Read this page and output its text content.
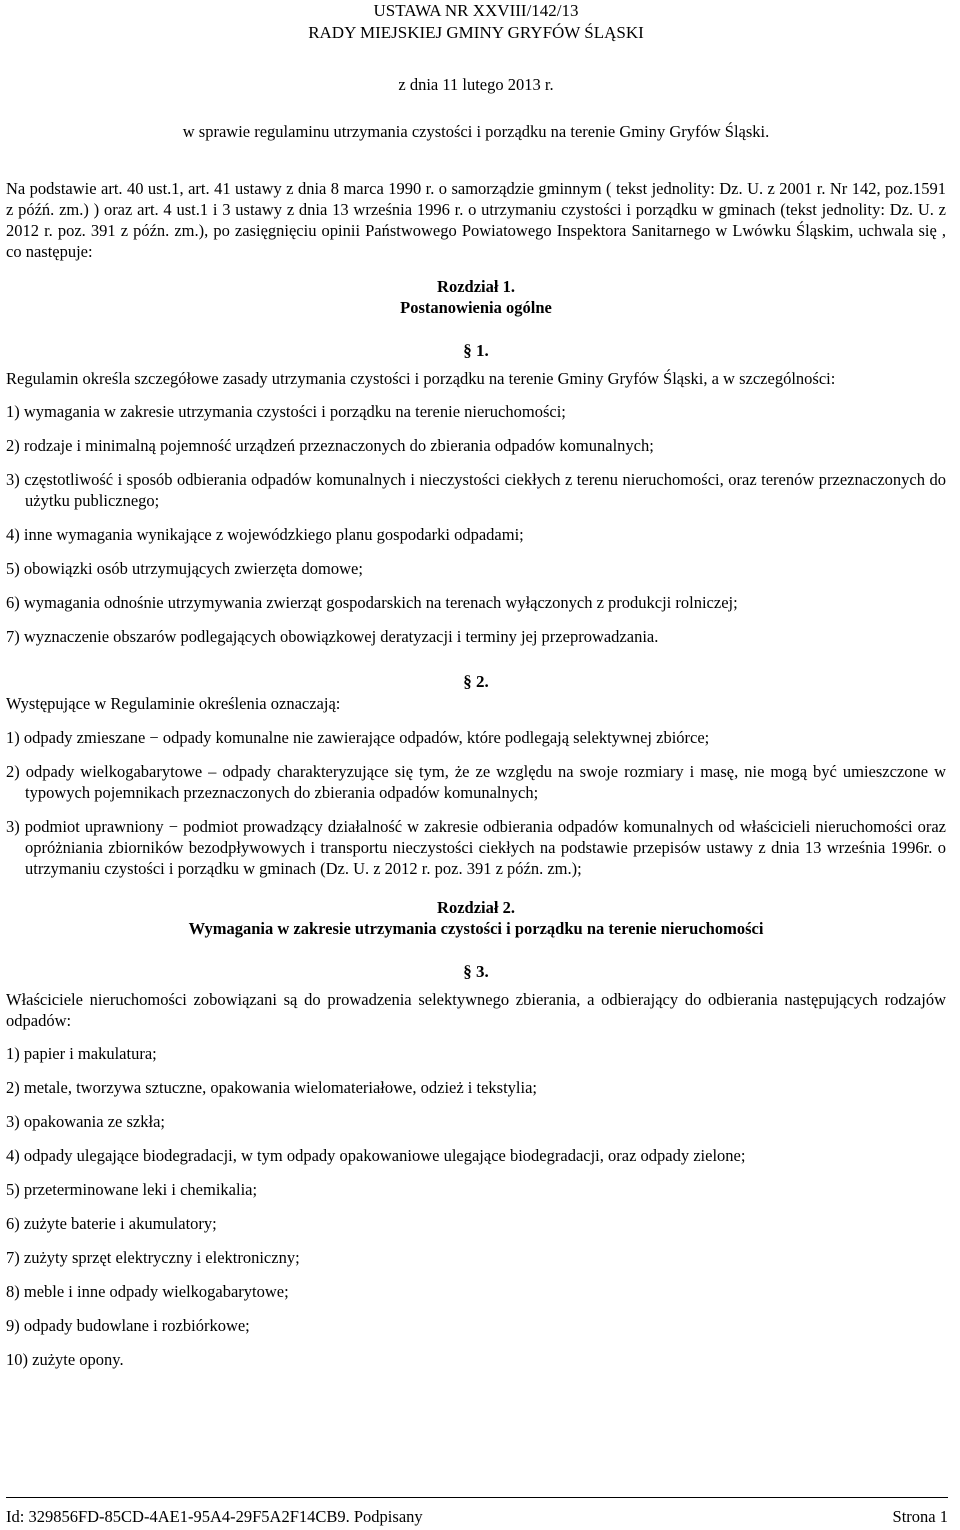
USTAWA NR XXVIII/142/13

RADY MIEJSKIEJ GMINY GRYFÓW ŚLĄSKI

z dnia 11 lutego 2013 r.

w sprawie regulaminu utrzymania czystości i porządku na terenie Gminy Gryfów Śląski.

Na podstawie art. 40 ust.1, art. 41 ustawy z dnia 8 marca 1990 r. o samorządzie gminnym ( tekst jednolity: Dz. U. z 2001 r. Nr 142, poz.1591 z późń. zm.) ) oraz art. 4 ust.1 i 3 ustawy z dnia 13 września 1996 r. o utrzymaniu czystości i porządku w gminach (tekst jednolity: Dz. U. z 2012 r. poz. 391 z późn. zm.), po zasięgnięciu opinii Państwowego Powiatowego Inspektora Sanitarnego w Lwówku Śląskim, uchwala się , co następuje:

Rozdział 1.
Postanowienia ogólne
§ 1.

Regulamin określa szczegółowe zasady utrzymania czystości i porządku na terenie Gminy Gryfów Śląski, a w szczególności:

1) wymagania w zakresie utrzymania czystości i porządku na terenie nieruchomości;

2) rodzaje i minimalną pojemność urządzeń przeznaczonych do zbierania odpadów komunalnych;

3) częstotliwość i sposób odbierania odpadów komunalnych i nieczystości ciekłych z terenu nieruchomości, oraz terenów przeznaczonych do użytku publicznego;

4) inne wymagania wynikające z wojewódzkiego planu gospodarki odpadami;

5) obowiązki osób utrzymujących zwierzęta domowe;

6) wymagania odnośnie utrzymywania zwierząt gospodarskich na terenach wyłączonych z produkcji rolniczej;

7) wyznaczenie obszarów podlegających obowiązkowej deratyzacji i terminy jej przeprowadzania.

§ 2.

Występujące w Regulaminie określenia oznaczają:

1) odpady zmieszane − odpady komunalne nie zawierające odpadów, które podlegają selektywnej zbiórce;

2) odpady wielkogabarytowe – odpady charakteryzujące się tym, że ze względu na swoje rozmiary i masę, nie mogą być umieszczone w typowych pojemnikach przeznaczonych do zbierania odpadów komunalnych;

3) podmiot uprawniony − podmiot prowadzący działalność w zakresie odbierania odpadów komunalnych od właścicieli nieruchomości oraz opróżniania zbiorników bezodpływowych i transportu nieczystości ciekłych na podstawie przepisów ustawy z dnia 13 września 1996r. o utrzymaniu czystości i porządku w gminach (Dz. U. z 2012 r. poz. 391 z późn. zm.);

Rozdział 2.
Wymagania w zakresie utrzymania czystości i porządku na terenie nieruchomości
§ 3.

Właściciele nieruchomości zobowiązani są do prowadzenia selektywnego zbierania, a odbierający do odbierania następujących rodzajów odpadów:

1) papier i makulatura;

2) metale, tworzywa sztuczne, opakowania wielomateriałowe, odzież i tekstylia;

3) opakowania ze szkła;

4) odpady ulegające biodegradacji, w tym odpady opakowaniowe ulegające biodegradacji, oraz odpady zielone;

5) przeterminowane leki i chemikalia;

6) zużyte baterie i akumulatory;

7) zużyty sprzęt elektryczny i elektroniczny;

8) meble i inne odpady wielkogabarytowe;

9) odpady budowlane i rozbiórkowe;

10) zużyte opony.

Id: 329856FD-85CD-4AE1-95A4-29F5A2F14CB9. Podpisany	Strona 1
